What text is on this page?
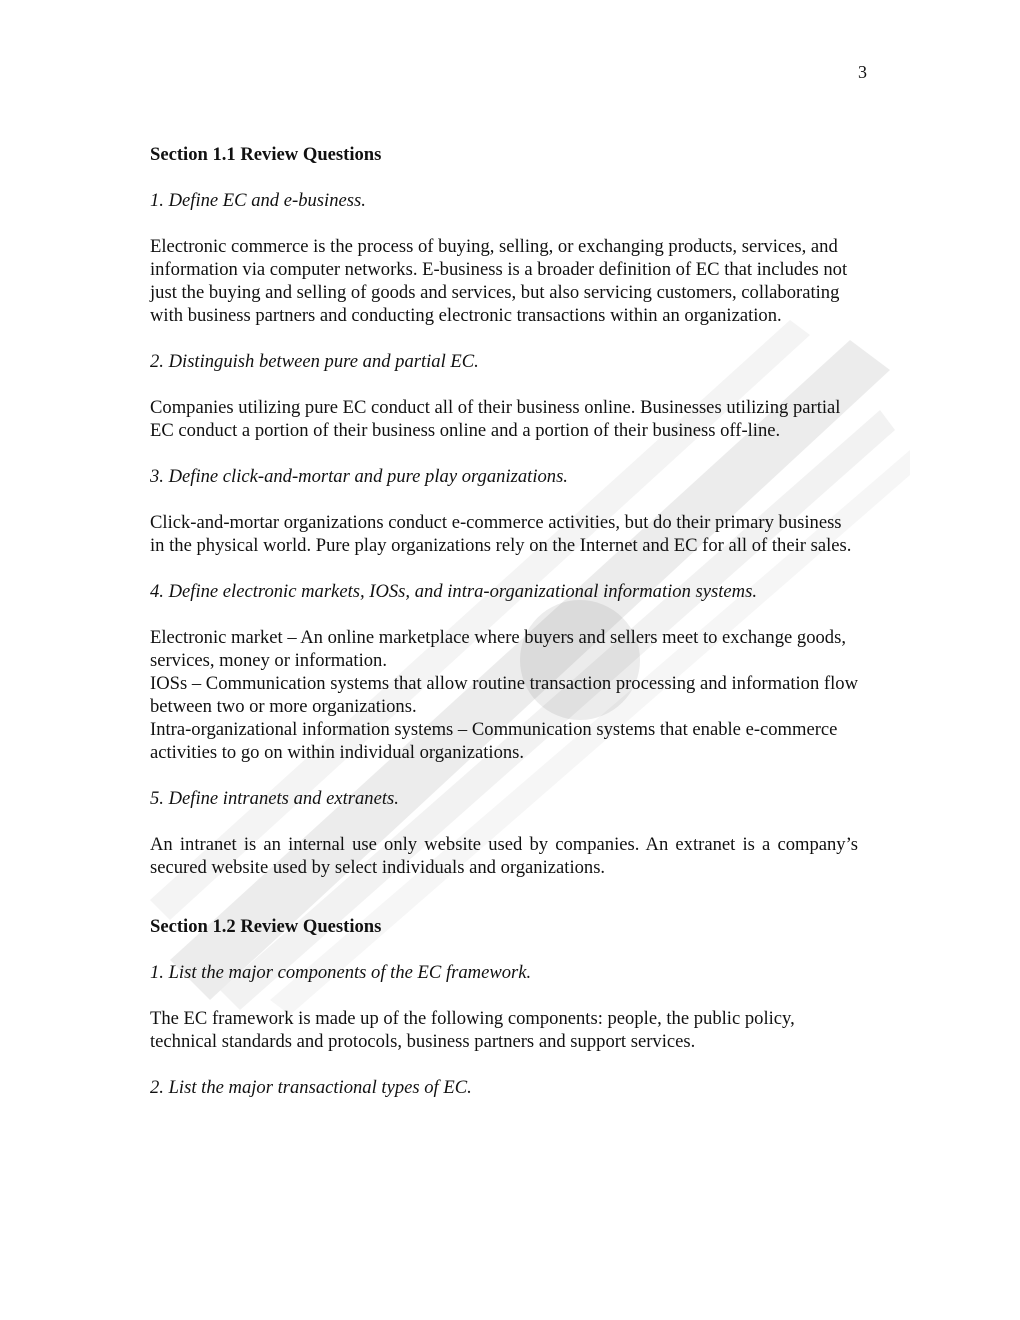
3
Section 1.1 Review Questions
1. Define EC and e-business.
Electronic commerce is the process of buying, selling, or exchanging products, services, and information via computer networks. E-business is a broader definition of EC that includes not just the buying and selling of goods and services, but also servicing customers, collaborating with business partners and conducting electronic transactions within an organization.
2. Distinguish between pure and partial EC.
Companies utilizing pure EC conduct all of their business online. Businesses utilizing partial EC conduct a portion of their business online and a portion of their business off-line.
3. Define click-and-mortar and pure play organizations.
Click-and-mortar organizations conduct e-commerce activities, but do their primary business in the physical world. Pure play organizations rely on the Internet and EC for all of their sales.
4. Define electronic markets, IOSs, and intra-organizational information systems.
Electronic market – An online marketplace where buyers and sellers meet to exchange goods, services, money or information.
IOSs – Communication systems that allow routine transaction processing and information flow between two or more organizations.
Intra-organizational information systems – Communication systems that enable e-commerce activities to go on within individual organizations.
5. Define intranets and extranets.
An intranet is an internal use only website used by companies. An extranet is a company’s secured website used by select individuals and organizations.
Section 1.2 Review Questions
1. List the major components of the EC framework.
The EC framework is made up of the following components: people, the public policy, technical standards and protocols, business partners and support services.
2. List the major transactional types of EC.
